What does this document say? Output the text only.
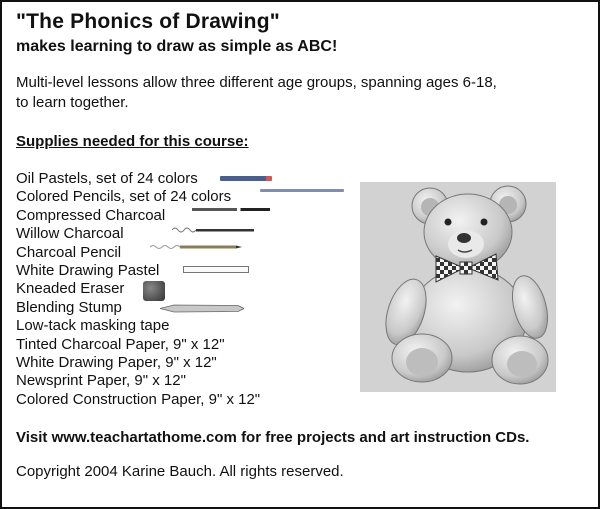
"The Phonics of Drawing"
makes learning to draw as simple as ABC!
Multi-level lessons allow three different age groups, spanning ages 6-18,
to learn together.
Supplies needed for this course:
Oil Pastels, set of 24 colors
Colored Pencils, set of 24 colors
Compressed Charcoal
Willow Charcoal
Charcoal Pencil
White Drawing Pastel
Kneaded Eraser
Blending Stump
Low-tack masking tape
Tinted Charcoal Paper, 9" x 12"
White Drawing Paper, 9" x 12"
Newsprint Paper, 9" x 12"
Colored Construction Paper, 9" x 12"
Visit www.teachartathome.com for free projects and art instruction CDs.
Copyright 2004 Karine Bauch. All rights reserved.
